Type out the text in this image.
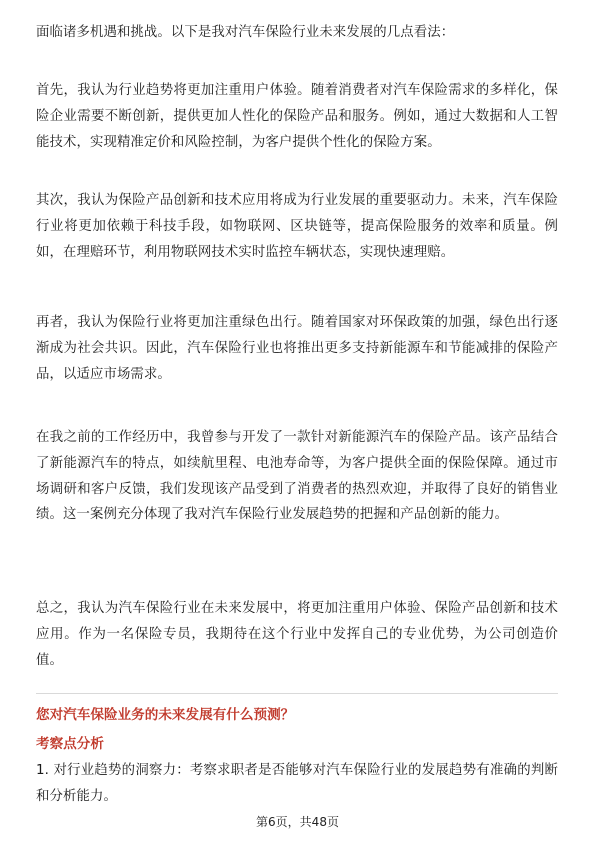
面临诸多机遇和挑战。以下是我对汽车保险行业未来发展的几点看法：

首先，我认为行业趋势将更加注重用户体验。随着消费者对汽车保险需求的多样化，保险企业需要不断创新，提供更加人性化的保险产品和服务。例如，通过大数据和人工智能技术，实现精准定价和风险控制，为客户提供个性化的保险方案。

其次，我认为保险产品创新和技术应用将成为行业发展的重要驱动力。未来，汽车保险行业将更加依赖于科技手段，如物联网、区块链等，提高保险服务的效率和质量。例如，在理赔环节，利用物联网技术实时监控车辆状态，实现快速理赔。

再者，我认为保险行业将更加注重绿色出行。随着国家对环保政策的加强，绿色出行逐渐成为社会共识。因此，汽车保险行业也将推出更多支持新能源车和节能减排的保险产品，以适应市场需求。

在我之前的工作经历中，我曾参与开发了一款针对新能源汽车的保险产品。该产品结合了新能源汽车的特点，如续航里程、电池寿命等，为客户提供全面的保险保障。通过市场调研和客户反馈，我们发现该产品受到了消费者的热烈欢迎，并取得了良好的销售业绩。这一案例充分体现了我对汽车保险行业发展趋势的把握和产品创新的能力。

总之，我认为汽车保险行业在未来发展中，将更加注重用户体验、保险产品创新和技术应用。作为一名保险专员，我期待在这个行业中发挥自己的专业优势，为公司创造价值。

您对汽车保险业务的未来发展有什么预测？

考察点分析

1. 对行业趋势的洞察力：考察求职者是否能够对汽车保险行业的发展趋势有准确的判断和分析能力。

第6页，共48页
